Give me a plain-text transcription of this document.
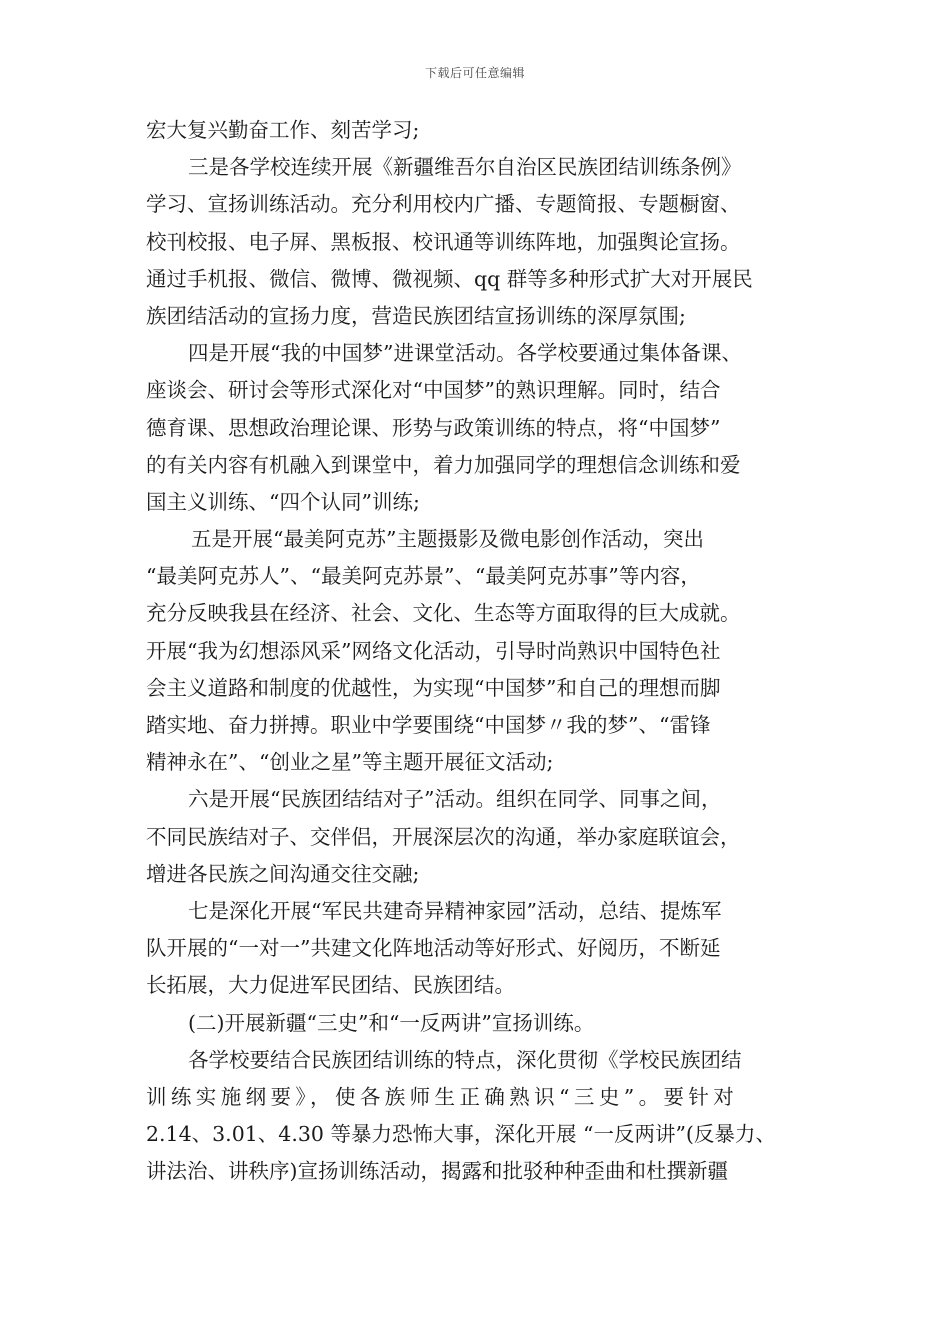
下载后可任意编辑
宏大复兴勤奋工作、刻苦学习;
三是各学校连续开展《新疆维吾尔自治区民族团结训练条例》
学习、宣扬训练活动。充分利用校内广播、专题简报、专题橱窗、
校刊校报、电子屏、黑板报、校讯通等训练阵地，加强舆论宣扬。
通过手机报、微信、微博、微视频、qq 群等多种形式扩大对开展民
族团结活动的宣扬力度，营造民族团结宣扬训练的深厚氛围;
四是开展“我的中国梦”进课堂活动。各学校要通过集体备课、
座谈会、研讨会等形式深化对“中国梦”的熟识理解。同时，结合
德育课、思想政治理论课、形势与政策训练的特点，将“中国梦”
的有关内容有机融入到课堂中，着力加强同学的理想信念训练和爱
国主义训练、“四个认同”训练;
五是开展“最美阿克苏”主题摄影及微电影创作活动，突出
“最美阿克苏人”、“最美阿克苏景”、“最美阿克苏事”等内容，
充分反映我县在经济、社会、文化、生态等方面取得的巨大成就。
开展“我为幻想添风采”网络文化活动，引导时尚熟识中国特色社
会主义道路和制度的优越性，为实现“中国梦”和自己的理想而脚
踏实地、奋力拼搏。职业中学要围绕“中国梦〃我的梦”、“雷锋
精神永在”、“创业之星”等主题开展征文活动;
六是开展“民族团结结对子”活动。组织在同学、同事之间，
不同民族结对子、交伴侣，开展深层次的沟通，举办家庭联谊会，
增进各民族之间沟通交往交融;
七是深化开展“军民共建奇异精神家园”活动，总结、提炼军
队开展的“一对一”共建文化阵地活动等好形式、好阅历，不断延
长拓展，大力促进军民团结、民族团结。
(二)开展新疆“三史”和“一反两讲”宣扬训练。
各学校要结合民族团结训练的特点，深化贯彻《学校民族团结
训练实施纲要》，使各族师生正确熟识“三史”。要针对
2.14、3.01、4.30 等暴力恐怖大事，深化开展 “一反两讲”(反暴力、
讲法治、讲秩序)宣扬训练活动，揭露和批驳种种歪曲和杜撰新疆
